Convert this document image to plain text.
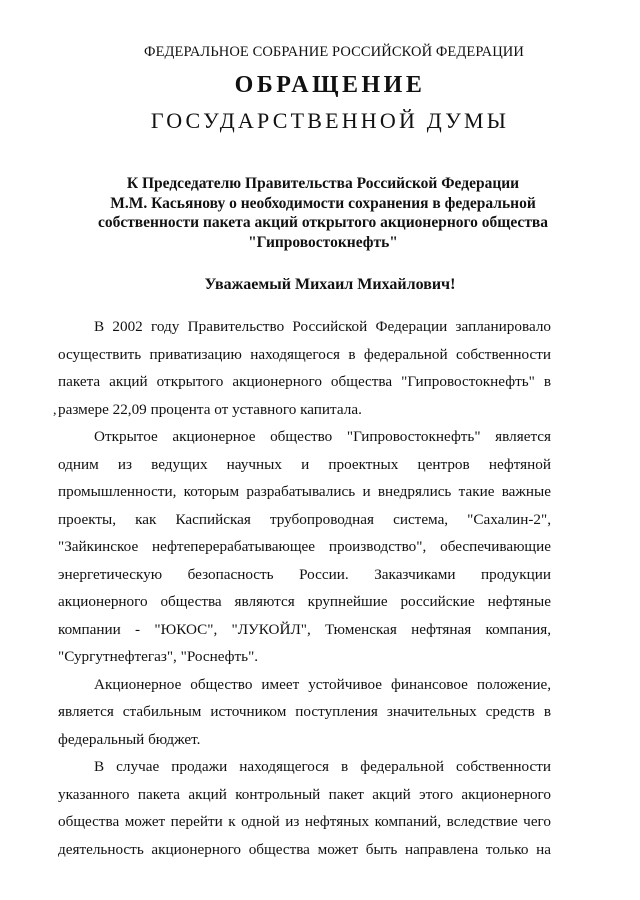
ФЕДЕРАЛЬНОЕ СОБРАНИЕ РОССИЙСКОЙ ФЕДЕРАЦИИ
ОБРАЩЕНИЕ
ГОСУДАРСТВЕННОЙ ДУМЫ
К Председателю Правительства Российской Федерации
М.М. Касьянову о необходимости сохранения в федеральной
собственности пакета акций открытого акционерного общества
"Гипровостокнефть"
Уважаемый Михаил Михайлович!
,
В 2002 году Правительство Российской Федерации запланировало
осуществить приватизацию находящегося в федеральной собственности
пакета акций открытого акционерного общества "Гипровостокнефть" в
размере 22,09 процента от уставного капитала.
Открытое акционерное общество "Гипровостокнефть" является
одним из ведущих научных и проектных центров нефтяной
промышленности, которым разрабатывались и внедрялись такие важные
проекты, как Каспийская трубопроводная система, "Сахалин-2",
"Зайкинское нефтеперерабатывающее производство", обеспечивающие
энергетическую безопасность России. Заказчиками продукции
акционерного общества являются крупнейшие российские нефтяные
компании - "ЮКОС", "ЛУКОЙЛ", Тюменская нефтяная компания,
"Сургутнефтегаз", "Роснефть".
Акционерное общество имеет устойчивое финансовое положение,
является стабильным источником поступления значительных средств в
федеральный бюджет.
В случае продажи находящегося в федеральной собственности
указанного пакета акций контрольный пакет акций этого акционерного
общества может перейти к одной из нефтяных компаний, вследствие чего
деятельность акционерного общества может быть направлена только на
